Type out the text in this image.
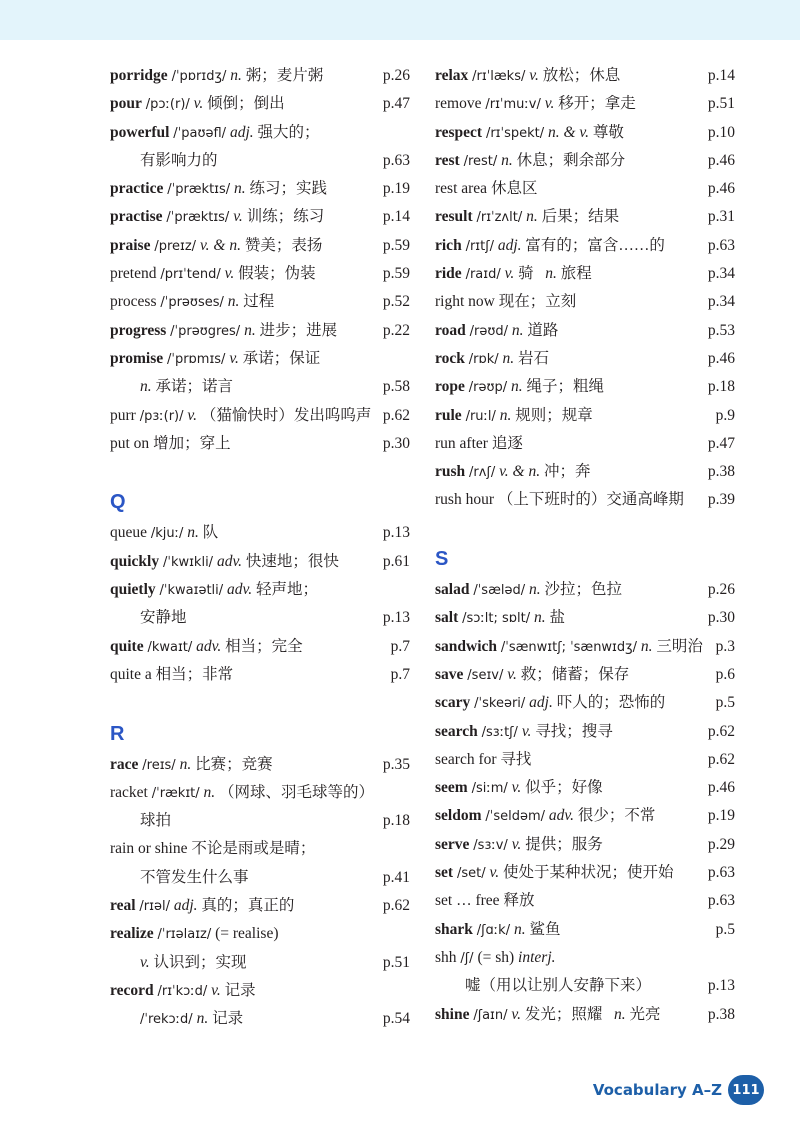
porridge /ˈpɒrɪdʒ/ n. 粥；麦片粥	p.26
pour /pɔː(r)/ v. 倾倒；倒出	p.47
powerful /ˈpaʊəfl/ adj. 强大的；
有影响力的	p.63
practice /ˈpræktɪs/ n. 练习；实践	p.19
practise /ˈpræktɪs/ v. 训练；练习	p.14
praise /preɪz/ v. & n. 赞美；表扬	p.59
pretend /prɪˈtend/ v. 假装；伪装	p.59
process /ˈprəʊses/ n. 过程	p.52
progress /ˈprəʊgres/ n. 进步；进展	p.22
promise /ˈprɒmɪs/ v. 承诺；保证
n. 承诺；诺言	p.58
purr /pɜː(r)/ v. （猫愉快时）发出呜呜声 p.62
put on 增加；穿上	p.30
Q
queue /kjuː/ n. 队	p.13
quickly /ˈkwɪkli/ adv. 快速地；很快	p.61
quietly /ˈkwaɪətli/ adv. 轻声地；
安静地	p.13
quite /kwaɪt/ adv. 相当；完全	p.7
quite a 相当；非常	p.7
R
race /reɪs/ n. 比赛；竞赛	p.35
racket /ˈrækɪt/ n. （网球、羽毛球等的）
球拍	p.18
rain or shine 不论是雨或是晴；
不管发生什么事	p.41
real /rɪəl/ adj. 真的；真正的	p.62
realize /ˈrɪəlaɪz/ (= realise)
v. 认识到；实现	p.51
record /rɪˈkɔːd/ v. 记录
/ˈrekɔːd/ n. 记录	p.54
relax /rɪˈlæks/ v. 放松；休息	p.14
remove /rɪˈmuːv/ v. 移开；拿走	p.51
respect /rɪˈspekt/ n. & v. 尊敬	p.10
rest /rest/ n. 休息；剩余部分	p.46
rest area 休息区	p.46
result /rɪˈzʌlt/ n. 后果；结果	p.31
rich /rɪtʃ/ adj. 富有的；富含……的	p.63
ride /raɪd/ v. 骑 n. 旅程	p.34
right now 现在；立刻	p.34
road /rəʊd/ n. 道路	p.53
rock /rɒk/ n. 岩石	p.46
rope /rəʊp/ n. 绳子；粗绳	p.18
rule /ruːl/ n. 规则；规章	p.9
run after 追逐	p.47
rush /rʌʃ/ v. & n. 冲；奔	p.38
rush hour （上下班时的）交通高峰期 p.39
S
salad /ˈsæləd/ n. 沙拉；色拉	p.26
salt /sɔːlt; sɒlt/ n. 盐	p.30
sandwich /ˈsænwɪtʃ; ˈsænwɪdʒ/ n. 三明治 p.3
save /seɪv/ v. 救；储蓄；保存	p.6
scary /ˈskeəri/ adj. 吓人的；恐怖的	p.5
search /sɜːtʃ/ v. 寻找；搜寻	p.62
search for 寻找	p.62
seem /siːm/ v. 似乎；好像	p.46
seldom /ˈseldəm/ adv. 很少；不常	p.19
serve /sɜːv/ v. 提供；服务	p.29
set /set/ v. 使处于某种状况；使开始 p.63
set … free 释放	p.63
shark /ʃɑːk/ n. 鲨鱼	p.5
shh /ʃ/ (= sh) interj.
嘘（用以让别人安静下来）	p.13
shine /ʃaɪn/ v. 发光；照耀 n. 光亮	p.38
Vocabulary A–Z 111
